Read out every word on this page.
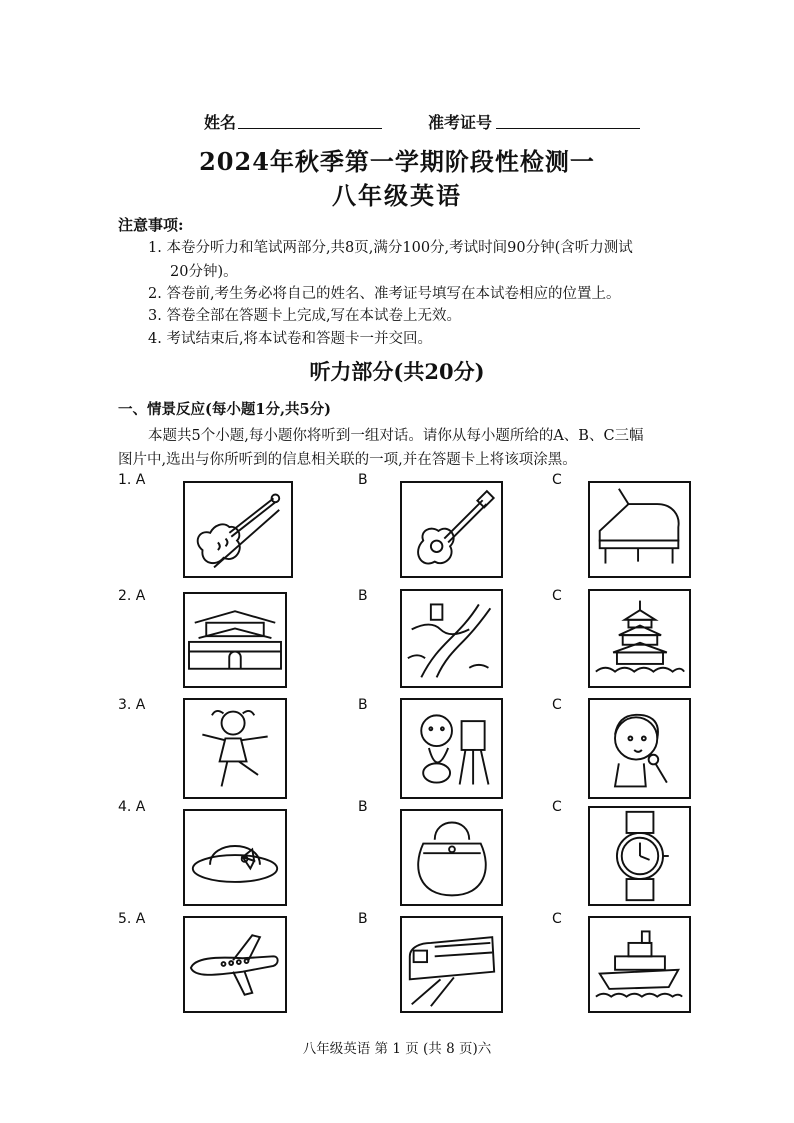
姓名	准考证号
2024年秋季第一学期阶段性检测一
八年级英语
注意事项:
1. 本卷分听力和笔试两部分,共8页,满分100分,考试时间90分钟(含听力测试
20分钟)。
2. 答卷前,考生务必将自己的姓名、准考证号填写在本试卷相应的位置上。
3. 答卷全部在答题卡上完成,写在本试卷上无效。
4. 考试结束后,将本试卷和答题卡一并交回。
听力部分(共20分)
一、情景反应(每小题1分,共5分)
本题共5个小题,每小题你将听到一组对话。请你从每小题所给的A、B、C三幅
图片中,选出与你所听到的信息相关联的一项,并在答题卡上将该项涂黑。
1. A	B	C
2. A	B	C
3. A	B	C
4. A	B	C
5. A	B	C
八年级英语 第 1 页 (共 8 页)六
